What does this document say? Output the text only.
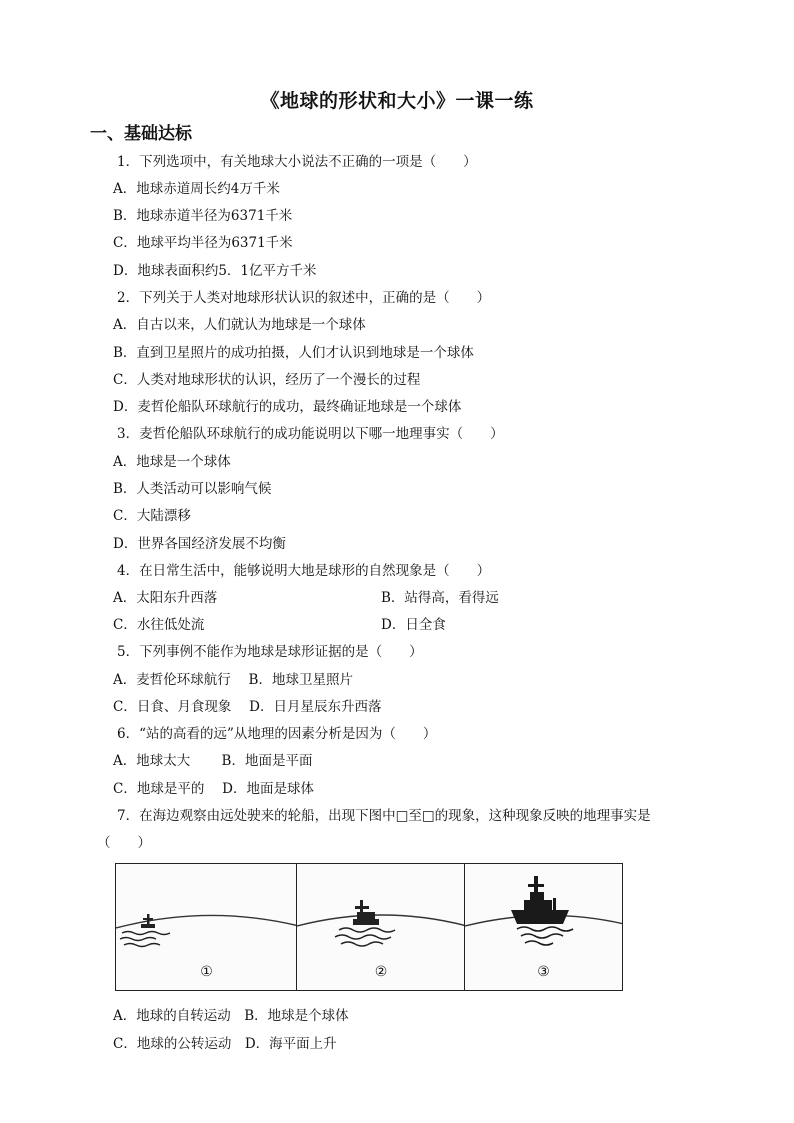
《地球的形状和大小》一课一练
一、基础达标
1．下列选项中，有关地球大小说法不正确的一项是（　　）
A．地球赤道周长约4万千米
B．地球赤道半径为6371千米
C．地球平均半径为6371千米
D．地球表面积约5．1亿平方千米
2．下列关于人类对地球形状认识的叙述中，正确的是（　　）
A．自古以来，人们就认为地球是一个球体
B．直到卫星照片的成功拍摄，人们才认识到地球是一个球体
C．人类对地球形状的认识，经历了一个漫长的过程
D．麦哲伦船队环球航行的成功，最终确证地球是一个球体
3．麦哲伦船队环球航行的成功能说明以下哪一地理事实（　　）
A．地球是一个球体
B．人类活动可以影响气候
C．大陆漂移
D．世界各国经济发展不均衡
4．在日常生活中，能够说明大地是球形的自然现象是（　　）
A．太阳东升西落	B．站得高，看得远
C．水往低处流	D．日全食
5．下列事例不能作为地球是球形证据的是（　　）
A．麦哲伦环球航行　 B．地球卫星照片
C．日食、月食现象　 D．日月星辰东升西落
6．“站的高看的远”从地理的因素分析是因为（　　）
A．地球太大　　 B．地面是平面
C．地球是平的　 D．地面是球体
7．在海边观察由远处驶来的轮船，出现下图中□至□的现象，这种现象反映的地理事实是
（　　）
①	②	③
A．地球的自转运动　B．地球是个球体
C．地球的公转运动　D．海平面上升
